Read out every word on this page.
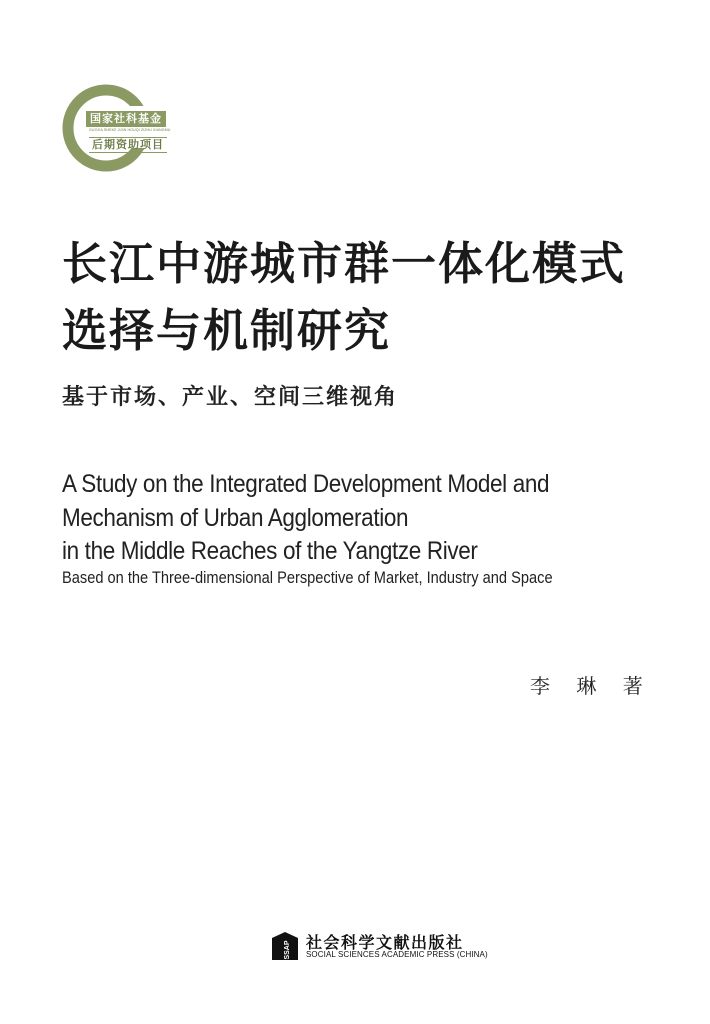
国家社科基金
GUOJIA SHEKE JIJIN HOUQI ZIZHU XIANGMU
后期资助项目
长江中游城市群一体化模式
选择与机制研究
基于市场、产业、空间三维视角
A Study on the Integrated Development Model and
Mechanism of Urban Agglomeration
in the Middle Reaches of the Yangtze River
Based on the Three-dimensional Perspective of Market, Industry and Space
李 琳 著
SSAP 社会科学文献出版社
SOCIAL SCIENCES ACADEMIC PRESS (CHINA)
